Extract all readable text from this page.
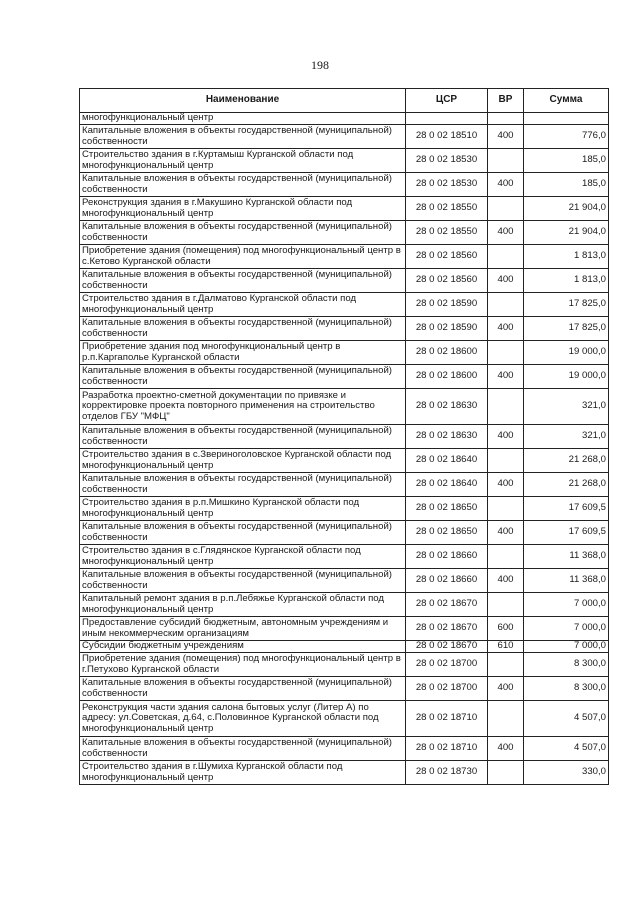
198
Наименование	ЦСР	ВР	Сумма
многофункциональный центр			
Капитальные вложения в объекты государственной (муниципальной) собственности	28 0 02 18510	400	776,0
Строительство здания в г.Куртамыш Курганской области под многофункциональный центр	28 0 02 18530		185,0
Капитальные вложения в объекты государственной (муниципальной) собственности	28 0 02 18530	400	185,0
Реконструкция здания в г.Макушино Курганской области под многофункциональный центр	28 0 02 18550		21 904,0
Капитальные вложения в объекты государственной (муниципальной) собственности	28 0 02 18550	400	21 904,0
Приобретение здания (помещения) под многофункциональный центр в с.Кетово Курганской области	28 0 02 18560		1 813,0
Капитальные вложения в объекты государственной (муниципальной) собственности	28 0 02 18560	400	1 813,0
Строительство здания в г.Далматово Курганской области под многофункциональный центр	28 0 02 18590		17 825,0
Капитальные вложения в объекты государственной (муниципальной) собственности	28 0 02 18590	400	17 825,0
Приобретение здания под многофункциональный центр в р.п.Каргаполье Курганской области	28 0 02 18600		19 000,0
Капитальные вложения в объекты государственной (муниципальной) собственности	28 0 02 18600	400	19 000,0
Разработка проектно-сметной документации по привязке и корректировке проекта повторного применения на строительство отделов ГБУ "МФЦ"	28 0 02 18630		321,0
Капитальные вложения в объекты государственной (муниципальной) собственности	28 0 02 18630	400	321,0
Строительство здания в с.Звериноголовское Курганской области под многофункциональный центр	28 0 02 18640		21 268,0
Капитальные вложения в объекты государственной (муниципальной) собственности	28 0 02 18640	400	21 268,0
Строительство здания в р.п.Мишкино Курганской области под многофункциональный центр	28 0 02 18650		17 609,5
Капитальные вложения в объекты государственной (муниципальной) собственности	28 0 02 18650	400	17 609,5
Строительство здания в с.Глядянское Курганской области под многофункциональный центр	28 0 02 18660		11 368,0
Капитальные вложения в объекты государственной (муниципальной) собственности	28 0 02 18660	400	11 368,0
Капитальный ремонт здания в р.п.Лебяжье Курганской области под многофункциональный центр	28 0 02 18670		7 000,0
Предоставление субсидий бюджетным, автономным учреждениям и иным некоммерческим организациям	28 0 02 18670	600	7 000,0
Субсидии бюджетным учреждениям	28 0 02 18670	610	7 000,0
Приобретение здания (помещения) под многофункциональный центр в г.Петухово Курганской области	28 0 02 18700		8 300,0
Капитальные вложения в объекты государственной (муниципальной) собственности	28 0 02 18700	400	8 300,0
Реконструкция части здания салона бытовых услуг (Литер А) по адресу: ул.Советская, д.64, с.Половинное Курганской области под многофункциональный центр	28 0 02 18710		4 507,0
Капитальные вложения в объекты государственной (муниципальной) собственности	28 0 02 18710	400	4 507,0
Строительство здания в г.Шумиха Курганской области под многофункциональный центр	28 0 02 18730		330,0
